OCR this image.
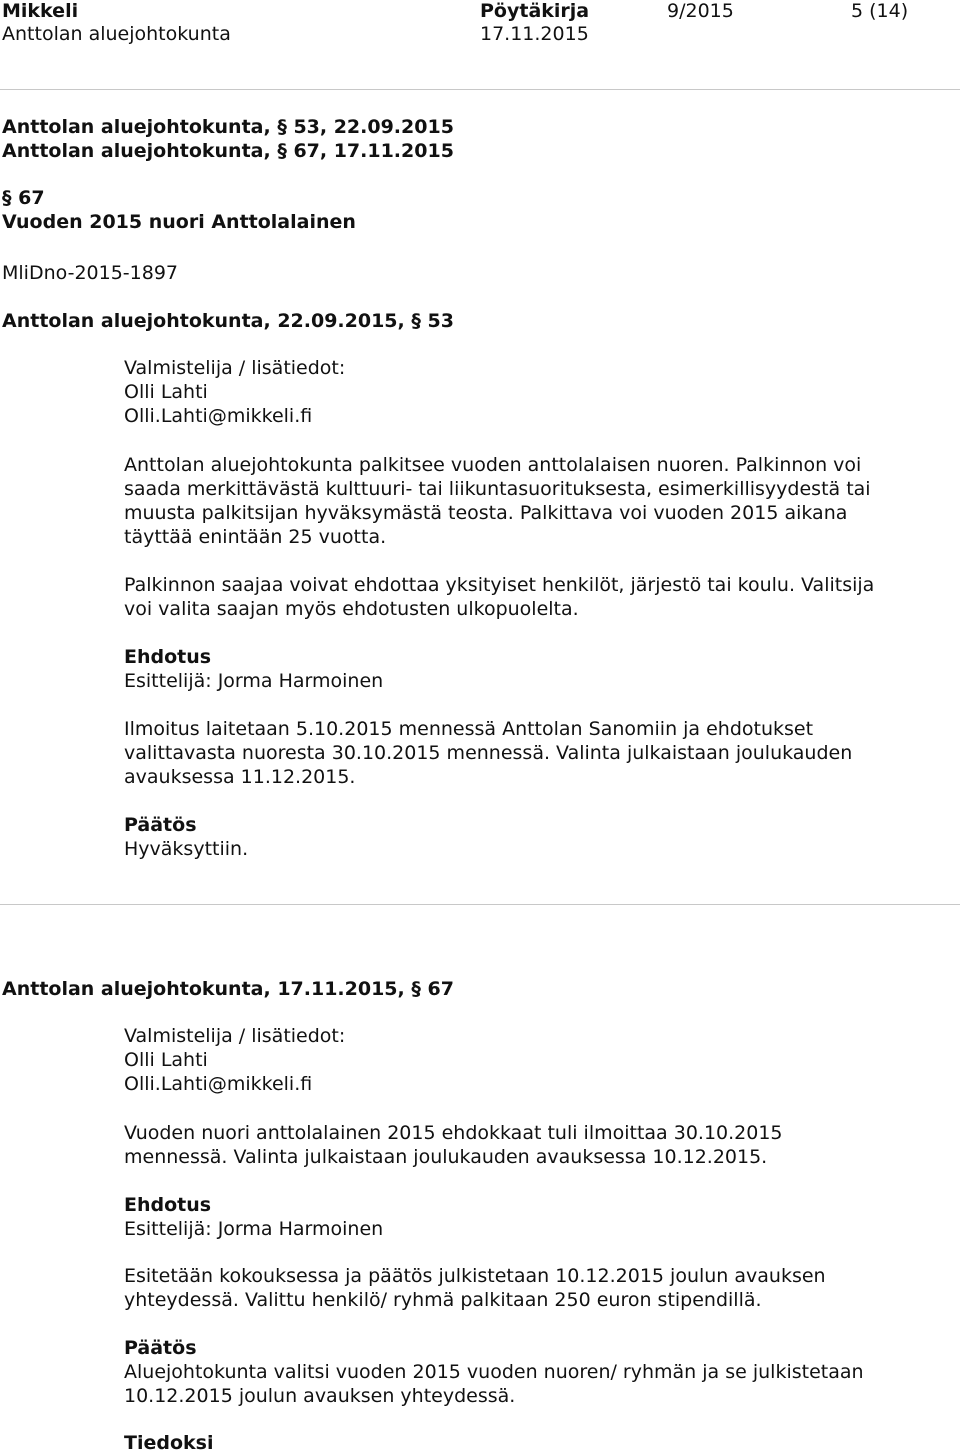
Mikkeli
Anttolan aluejohtokunta
Pöytäkirja
17.11.2015
9/2015	5 (14)
Anttolan aluejohtokunta, § 53, 22.09.2015
Anttolan aluejohtokunta, § 67, 17.11.2015
§ 67
Vuoden 2015 nuori Anttolalainen
MliDno-2015-1897
Anttolan aluejohtokunta, 22.09.2015, § 53
Valmistelija / lisätiedot:
Olli Lahti
Olli.Lahti@mikkeli.fi
Anttolan aluejohtokunta palkitsee vuoden anttolalaisen nuoren. Palkinnon voi
saada merkittävästä kulttuuri- tai liikuntasuorituksesta, esimerkillisyydestä tai
muusta palkitsijan hyväksymästä teosta. Palkittava voi vuoden 2015 aikana
täyttää enintään 25 vuotta.
Palkinnon saajaa voivat ehdottaa yksityiset henkilöt, järjestö tai koulu. Valitsija
voi valita saajan myös ehdotusten ulkopuolelta.
Ehdotus
Esittelijä: Jorma Harmoinen
Ilmoitus laitetaan 5.10.2015 mennessä Anttolan Sanomiin ja ehdotukset
valittavasta nuoresta 30.10.2015 mennessä. Valinta julkaistaan joulukauden
avauksessa 11.12.2015.
Päätös
Hyväksyttiin.
Anttolan aluejohtokunta, 17.11.2015, § 67
Valmistelija / lisätiedot:
Olli Lahti
Olli.Lahti@mikkeli.fi
Vuoden nuori anttolalainen 2015 ehdokkaat tuli ilmoittaa 30.10.2015
mennessä. Valinta julkaistaan joulukauden avauksessa 10.12.2015.
Ehdotus
Esittelijä: Jorma Harmoinen
Esitetään kokouksessa ja päätös julkistetaan 10.12.2015 joulun avauksen
yhteydessä. Valittu henkilö/ ryhmä palkitaan 250 euron stipendillä.
Päätös
Aluejohtokunta valitsi vuoden 2015 vuoden nuoren/ ryhmän ja se julkistetaan
10.12.2015 joulun avauksen yhteydessä.
Tiedoksi
